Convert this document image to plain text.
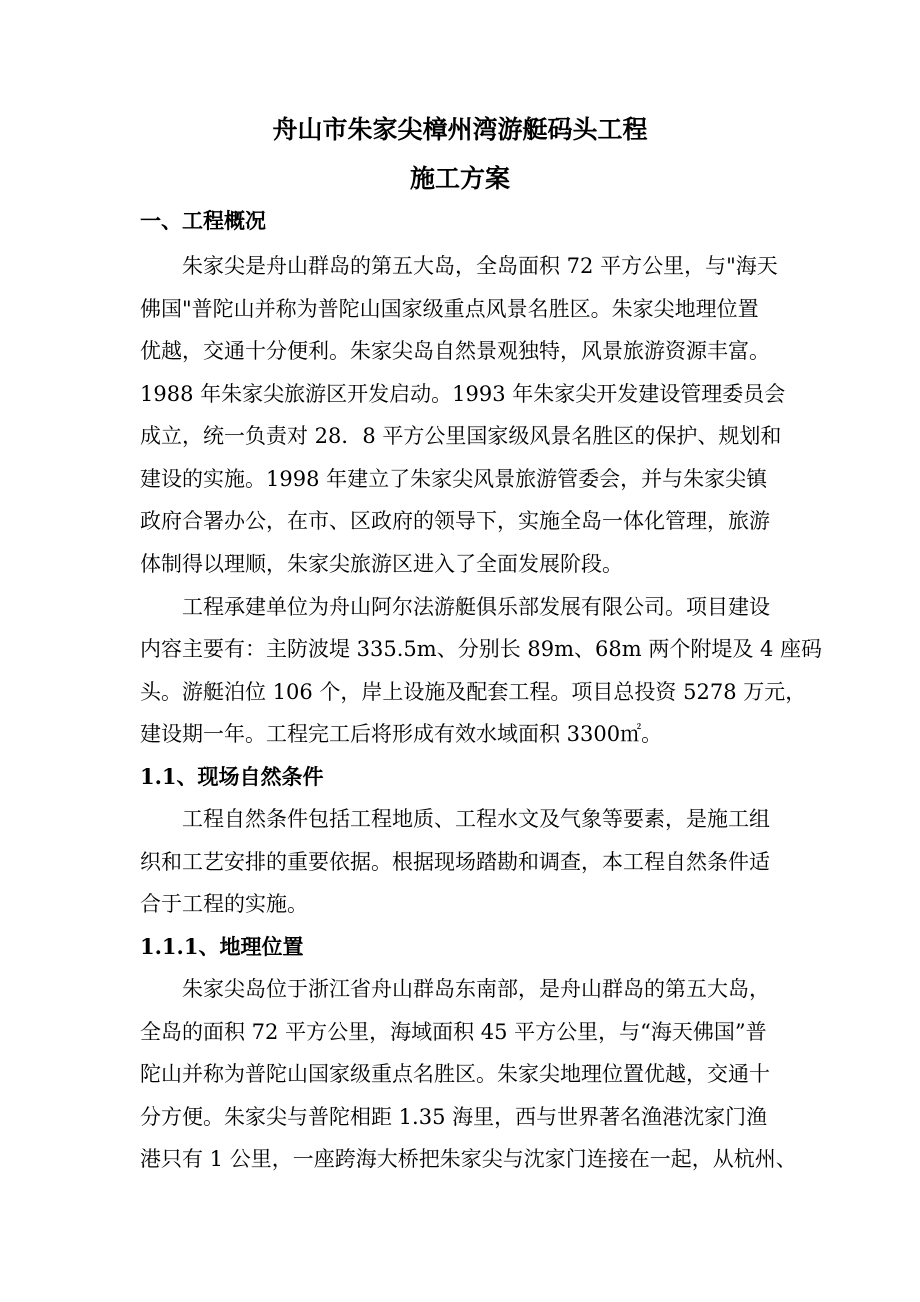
舟山市朱家尖樟州湾游艇码头工程
施工方案
一、工程概况
朱家尖是舟山群岛的第五大岛，全岛面积 72 平方公里，与"海天
佛国"普陀山并称为普陀山国家级重点风景名胜区。朱家尖地理位置
优越，交通十分便利。朱家尖岛自然景观独特，风景旅游资源丰富。
1988 年朱家尖旅游区开发启动。1993 年朱家尖开发建设管理委员会
成立，统一负责对 28．8 平方公里国家级风景名胜区的保护、规划和
建设的实施。1998 年建立了朱家尖风景旅游管委会，并与朱家尖镇
政府合署办公，在市、区政府的领导下，实施全岛一体化管理，旅游
体制得以理顺，朱家尖旅游区进入了全面发展阶段。
工程承建单位为舟山阿尔法游艇俱乐部发展有限公司。项目建设
内容主要有：主防波堤 335.5m、分别长 89m、68m 两个附堤及 4 座码
头。游艇泊位 106 个，岸上设施及配套工程。项目总投资 5278 万元，
建设期一年。工程完工后将形成有效水域面积 3300㎡。
1.1、现场自然条件
工程自然条件包括工程地质、工程水文及气象等要素，是施工组
织和工艺安排的重要依据。根据现场踏勘和调查，本工程自然条件适
合于工程的实施。
1.1.1、地理位置
朱家尖岛位于浙江省舟山群岛东南部，是舟山群岛的第五大岛，
全岛的面积 72 平方公里，海域面积 45 平方公里，与“海天佛国”普
陀山并称为普陀山国家级重点名胜区。朱家尖地理位置优越，交通十
分方便。朱家尖与普陀相距 1.35 海里，西与世界著名渔港沈家门渔
港只有 1 公里，一座跨海大桥把朱家尖与沈家门连接在一起，从杭州、
